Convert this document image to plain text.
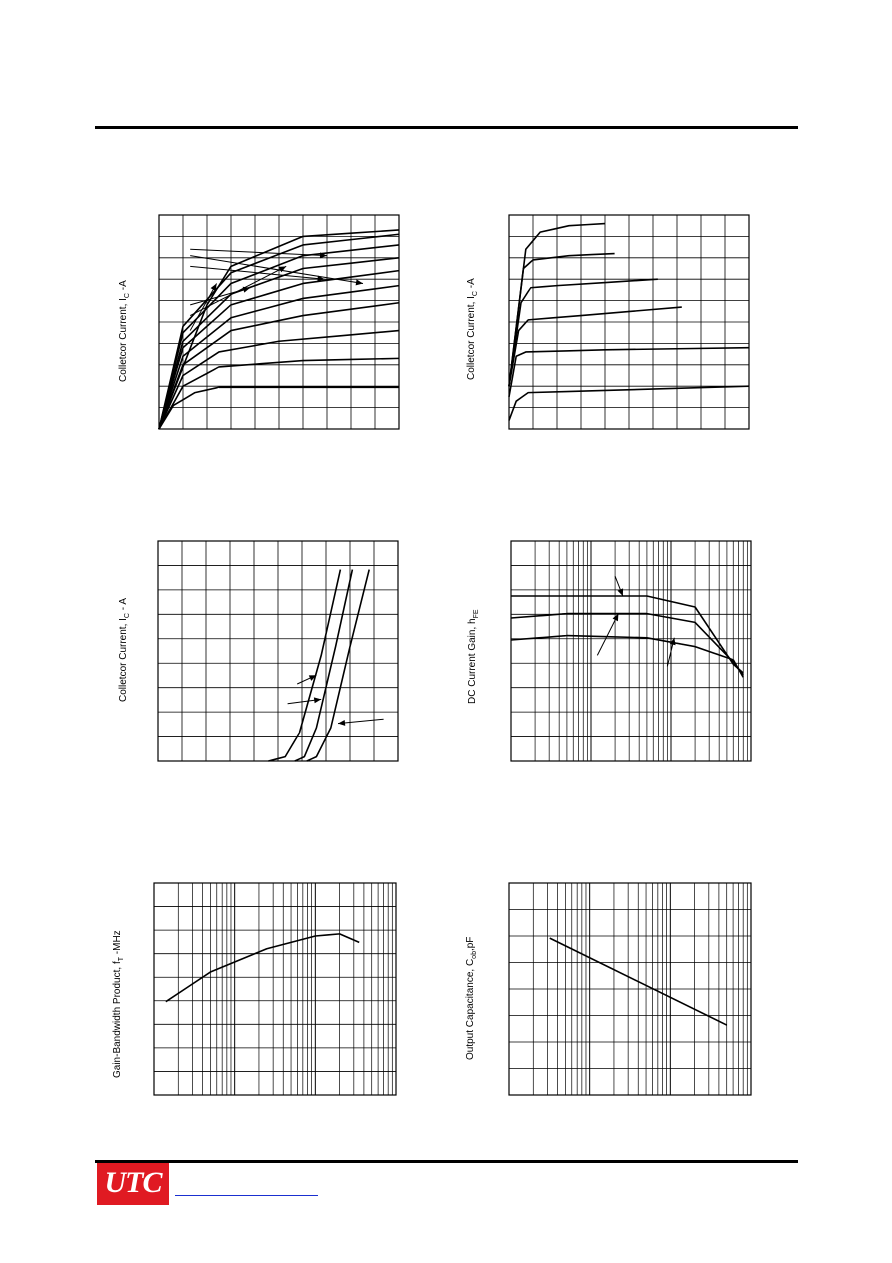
Colletcor Current, $I_C$ -A
Colletcor Current, $I_C$ -A
Colletcor Current, $I_C$ - A
DC Current Gain, $h_{FE}$
Gain-Bandwidth Product, $f_T$ -MHz
Output Capacitance, $C_{ob},pF$
UTC
